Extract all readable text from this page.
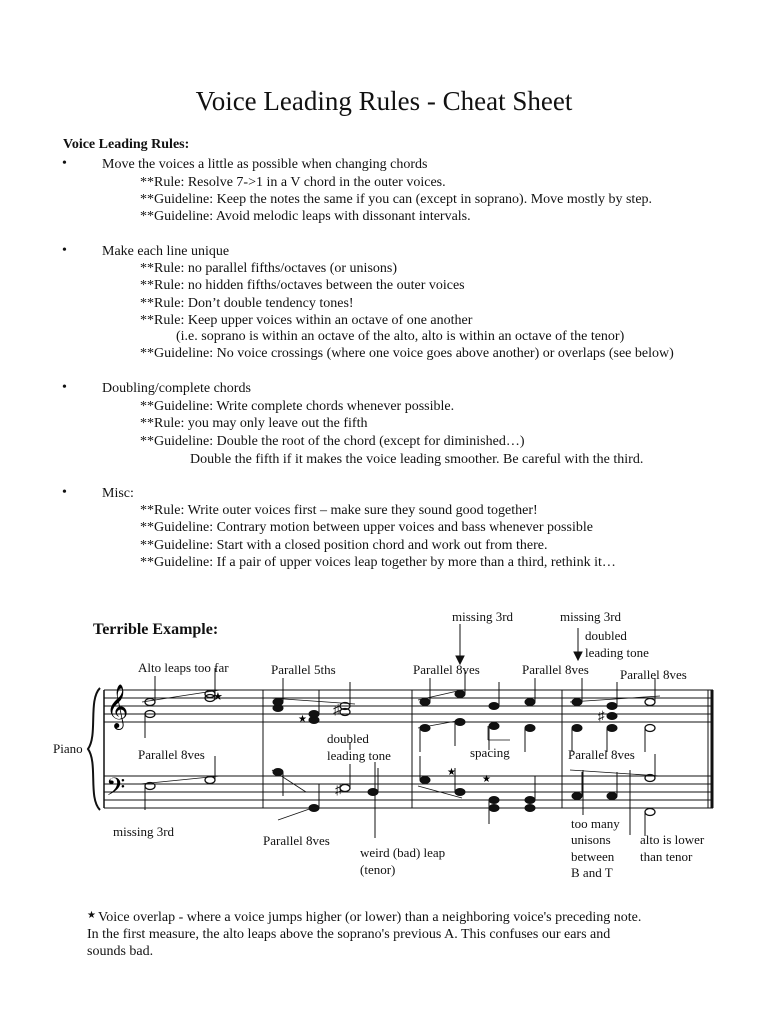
Voice Leading Rules - Cheat Sheet
Voice Leading Rules:
•	Move the voices a little as possible when changing chords
**Rule: Resolve 7->1 in a V chord in the outer voices.
**Guideline: Keep the notes the same if you can (except in soprano). Move mostly by step.
**Guideline: Avoid melodic leaps with dissonant intervals.
•	Make each line unique
**Rule: no parallel fifths/octaves (or unisons)
**Rule: no hidden fifths/octaves between the outer voices
**Rule: Don’t double tendency tones!
**Rule: Keep upper voices within an octave of one another
(i.e. soprano is within an octave of the alto, alto is within an octave of the tenor)
**Guideline: No voice crossings (where one voice goes above another) or overlaps (see below)
•	Doubling/complete chords
**Guideline: Write complete chords whenever possible.
**Rule: you may only leave out the fifth
**Guideline: Double the root of the chord (except for diminished…)
Double the fifth if it makes the voice leading smoother. Be careful with the third.
•	Misc:
**Rule: Write outer voices first – make sure they sound good together!
**Guideline: Contrary motion between upper voices and bass whenever possible
**Guideline: Start with a closed position chord and work out from there.
**Guideline: If a pair of upper voices leap together by more than a third, rethink it…
Terrible Example:
𝄞
𝄢
★
♯
♯
★
★
★
♯
Piano
Alto leaps too far	Parallel 5ths	Parallel 8ves	Parallel 8ves Parallel 8ves
missing 3rd	missing 3rd
doubled
leading tone
Parallel 8ves
doubled
leading tone	spacing	Parallel 8ves
missing 3rd
Parallel 8ves
weird (bad) leap
(tenor)
too many
unisons
between
B and T
alto is lower
than tenor
★ Voice overlap - where a voice jumps higher (or lower) than a neighboring voice's preceding note.
In the first measure, the alto leaps above the soprano's previous A. This confuses our ears and
sounds bad.
